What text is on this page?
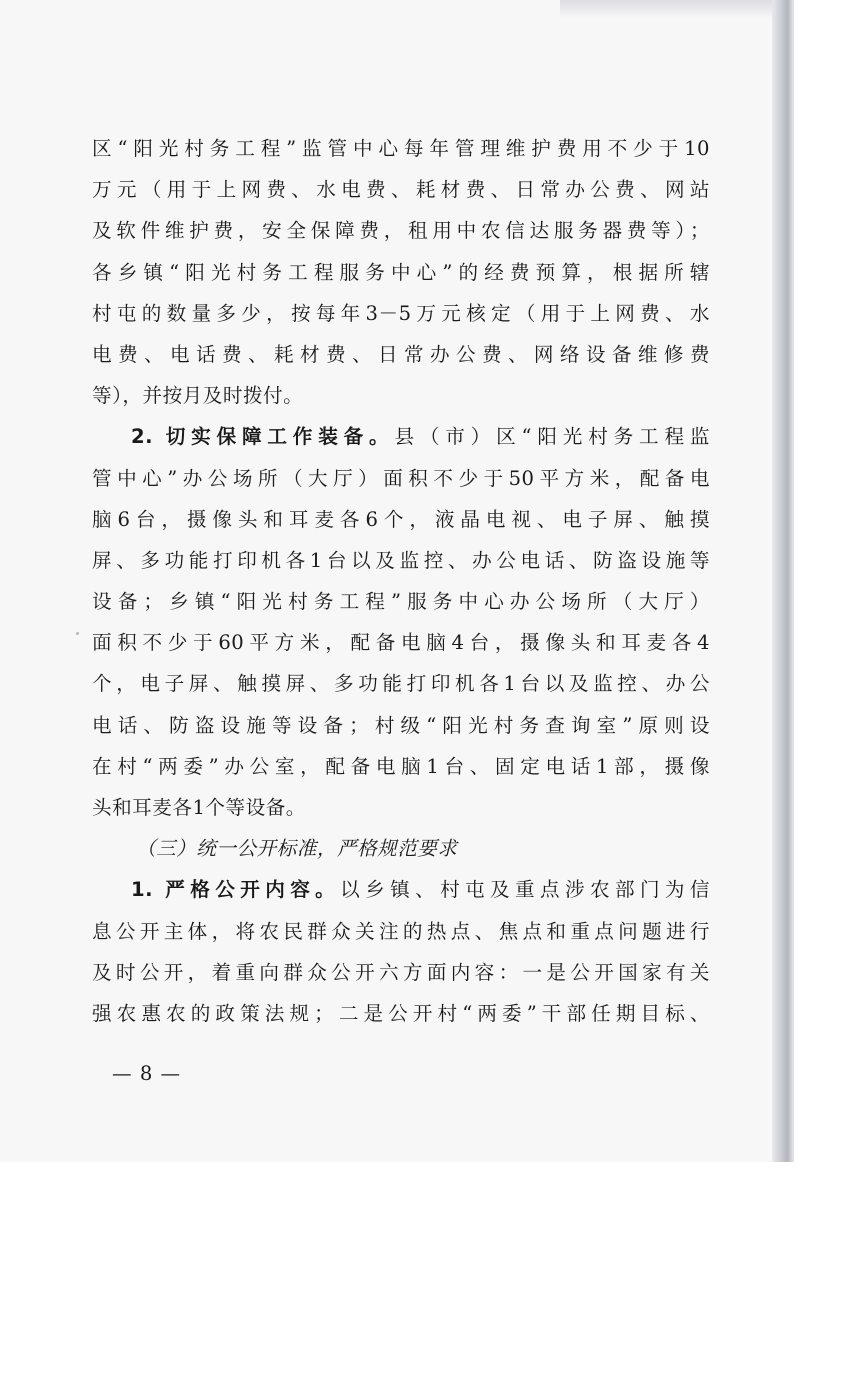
区“阳光村务工程”监管中心每年管理维护费用不少于10
万元（用于上网费、水电费、耗材费、日常办公费、网站
及软件维护费，安全保障费，租用中农信达服务器费等）；
各乡镇“阳光村务工程服务中心”的经费预算，根据所辖
村屯的数量多少，按每年3－5万元核定（用于上网费、水
电费、电话费、耗材费、日常办公费、网络设备维修费
等），并按月及时拨付。
2. 切实保障工作装备。县（市）区“阳光村务工程监
管中心”办公场所（大厅）面积不少于50平方米，配备电
脑6台，摄像头和耳麦各6个，液晶电视、电子屏、触摸
屏、多功能打印机各1台以及监控、办公电话、防盗设施等
设备；乡镇“阳光村务工程”服务中心办公场所（大厅）
面积不少于60平方米，配备电脑4台，摄像头和耳麦各4
个，电子屏、触摸屏、多功能打印机各1台以及监控、办公
电话、防盗设施等设备；村级“阳光村务查询室”原则设
在村“两委”办公室，配备电脑1台、固定电话1部，摄像
头和耳麦各1个等设备。
（三）统一公开标准，严格规范要求
1. 严格公开内容。以乡镇、村屯及重点涉农部门为信
息公开主体，将农民群众关注的热点、焦点和重点问题进行
及时公开，着重向群众公开六方面内容：一是公开国家有关
强农惠农的政策法规；二是公开村“两委”干部任期目标、
— 8 —
